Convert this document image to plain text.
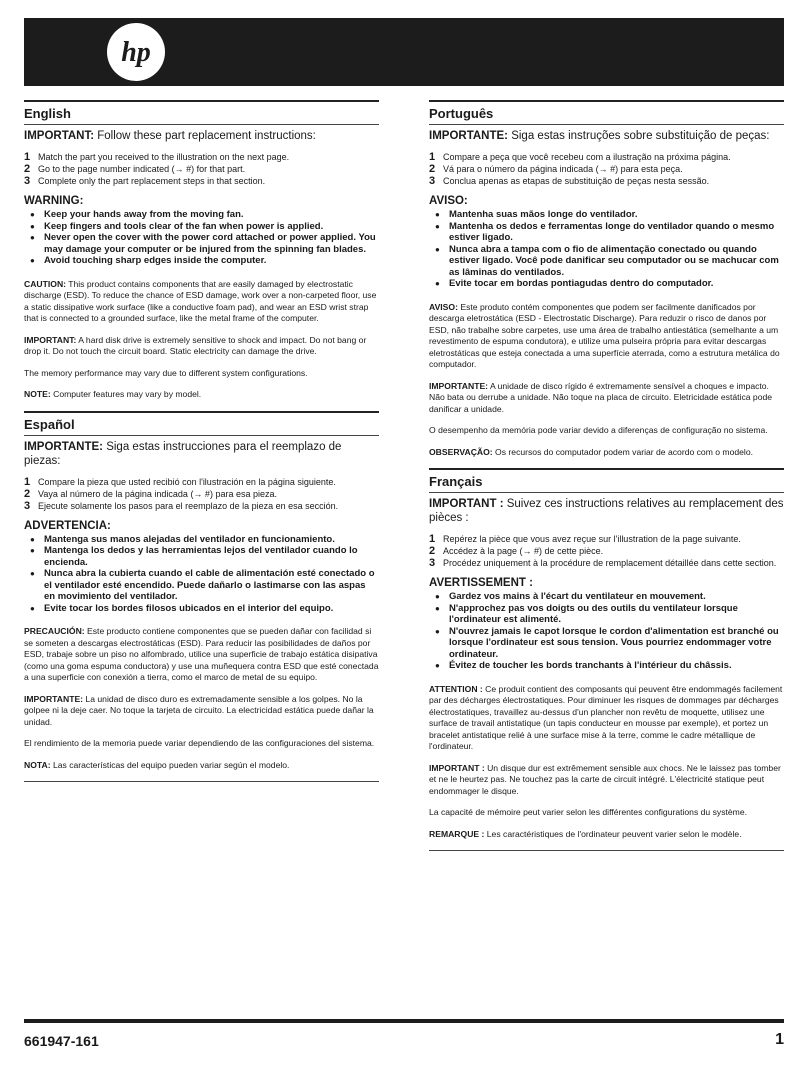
hp
English
IMPORTANT: Follow these part replacement instructions:
1 Match the part you received to the illustration on the next page.
2 Go to the page number indicated (→ #) for that part.
3 Complete only the part replacement steps in that section.
WARNING:
● Keep your hands away from the moving fan.
● Keep fingers and tools clear of the fan when power is applied.
● Never open the cover with the power cord attached or power applied. You may damage your computer or be injured from the spinning fan blades.
● Avoid touching sharp edges inside the computer.

CAUTION: This product contains components that are easily damaged by electrostatic discharge (ESD). To reduce the chance of ESD damage, work over a non-carpeted floor, use a static dissipative work surface (like a conductive foam pad), and wear an ESD wrist strap that is connected to a grounded surface, like the metal frame of the computer.

IMPORTANT: A hard disk drive is extremely sensitive to shock and impact. Do not bang or drop it. Do not touch the circuit board. Static electricity can damage the drive.

The memory performance may vary due to different system configurations.

NOTE: Computer features may vary by model.

Español
IMPORTANTE: Siga estas instrucciones para el reemplazo de piezas:
1 Compare la pieza que usted recibió con l'ilustración en la página siguiente.
2 Vaya al número de la página indicada (→ #) para esa pieza.
3 Ejecute solamente los pasos para el reemplazo de la pieza en esa sección.
ADVERTENCIA:
● Mantenga sus manos alejadas del ventilador en funcionamiento.
● Mantenga los dedos y las herramientas lejos del ventilador cuando lo encienda.
● Nunca abra la cubierta cuando el cable de alimentación esté conectado o el ventilador esté encendido. Puede dañarlo o lastimarse con las aspas en movimiento del ventilador.
● Evite tocar los bordes filosos ubicados en el interior del equipo.

PRECAUCIÓN: Este producto contiene componentes que se pueden dañar con facilidad si se someten a descargas electrostáticas (ESD). Para reducir las posibilidades de daños por ESD, trabaje sobre un piso no alfombrado, utilice una superficie de trabajo estática disipativa (como una goma espuma conductora) y use una muñequera contra ESD que esté conectada a una superficie con conexión a tierra, como el marco de metal de su equipo.

IMPORTANTE: La unidad de disco duro es extremadamente sensible a los golpes. No la golpee ni la deje caer. No toque la tarjeta de circuito. La electricidad estática puede dañar la unidad.

El rendimiento de la memoria puede variar dependiendo de las configuraciones del sistema.

NOTA: Las características del equipo pueden variar según el modelo.

Português
IMPORTANTE: Siga estas instruções sobre substituição de peças:
1 Compare a peça que você recebeu com a ilustração na próxima página.
2 Vá para o número da página indicada (→ #) para esta peça.
3 Conclua apenas as etapas de substituição de peças nesta sessão.
AVISO:
● Mantenha suas mãos longe do ventilador.
● Mantenha os dedos e ferramentas longe do ventilador quando o mesmo estiver ligado.
● Nunca abra a tampa com o fio de alimentação conectado ou quando estiver ligado. Você pode danificar seu computador ou se machucar com as lâminas do ventilados.
● Evite tocar em bordas pontiagudas dentro do computador.

AVISO: Este produto contém componentes que podem ser facilmente danificados por descarga eletrostática (ESD - Electrostatic Discharge). Para reduzir o risco de danos por ESD, não trabalhe sobre carpetes, use uma área de trabalho antiestática (semelhante a um revestimento de espuma condutora), e utilize uma pulseira própria para evitar descargas eletrostáticas que esteja conectada a uma superfície aterrada, como a estrutura metálica do computador.

IMPORTANTE: A unidade de disco rígido é extremamente sensível a choques e impacto. Não bata ou derrube a unidade. Não toque na placa de circuito. Eletricidade estática pode danificar a unidade.

O desempenho da memória pode variar devido a diferenças de configuração no sistema.

OBSERVAÇÃO: Os recursos do computador podem variar de acordo com o modelo.

Français
IMPORTANT : Suivez ces instructions relatives au remplacement des pièces :
1 Repérez la pièce que vous avez reçue sur l'illustration de la page suivante.
2 Accédez à la page (→ #) de cette pièce.
3 Procédez uniquement à la procédure de remplacement détaillée dans cette section.
AVERTISSEMENT :
● Gardez vos mains à l'écart du ventilateur en mouvement.
● N'approchez pas vos doigts ou des outils du ventilateur lorsque l'ordinateur est alimenté.
● N'ouvrez jamais le capot lorsque le cordon d'alimentation est branché ou lorsque l'ordinateur est sous tension. Vous pourriez endommager votre ordinateur.
● Évitez de toucher les bords tranchants à l'intérieur du châssis.

ATTENTION : Ce produit contient des composants qui peuvent être endommagés facilement par des décharges électrostatiques. Pour diminuer les risques de dommages par décharges électrostatiques, travaillez au-dessus d'un plancher non revêtu de moquette, utilisez une surface de travail antistatique (un tapis conducteur en mousse par exemple), et portez un bracelet antistatique relié à une surface mise à la terre, comme le cadre métallique de l'ordinateur.

IMPORTANT : Un disque dur est extrêmement sensible aux chocs. Ne le laissez pas tomber et ne le heurtez pas. Ne touchez pas la carte de circuit intégré. L'électricité statique peut endommager le disque.

La capacité de mémoire peut varier selon les différentes configurations du système.

REMARQUE : Les caractéristiques de l'ordinateur peuvent varier selon le modèle.

661947-161	1
